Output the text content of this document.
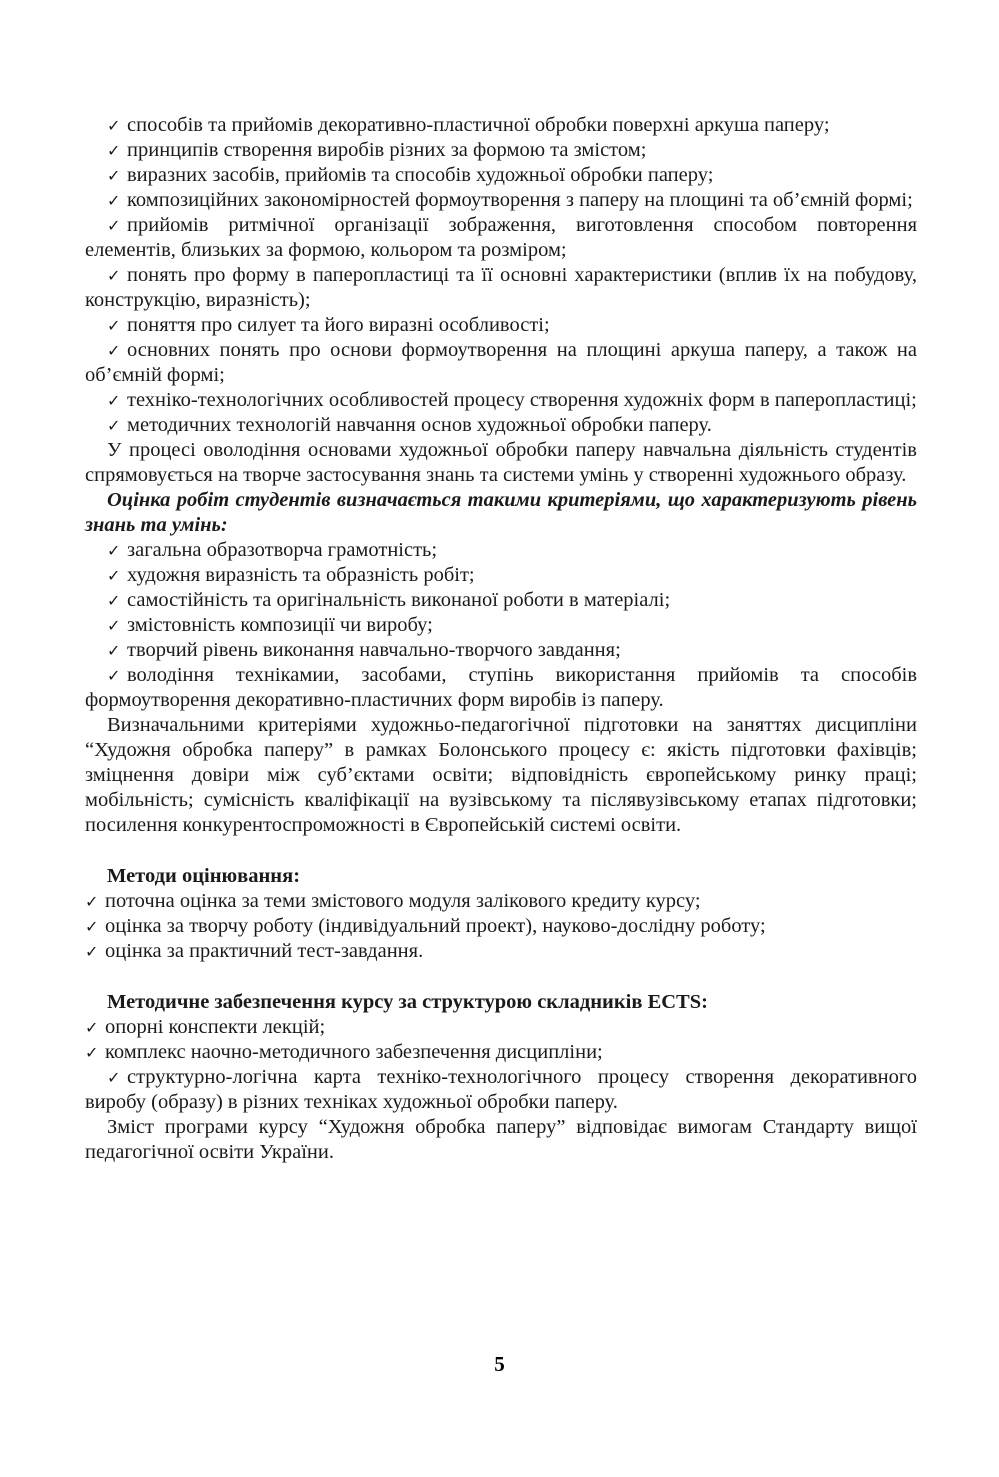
✓ способів та прийомів декоративно-пластичної обробки поверхні аркуша паперу;

✓ принципів створення виробів різних за формою та змістом;

✓ виразних засобів, прийомів та способів художньої обробки паперу;

✓ композиційних закономірностей формоутворення з паперу на площині та об’ємній формі;

✓ прийомів ритмічної організації зображення, виготовлення способом повторення елементів, близьких за формою, кольором та розміром;

✓ понять про форму в паперопластиці та її основні характеристики (вплив їх на побудову, конструкцію, виразність);

✓ поняття про силует та його виразні особливості;

✓ основних понять про основи формоутворення на площині аркуша паперу, а також на об’ємній формі;

✓ техніко-технологічних особливостей процесу створення художніх форм в паперопластиці;

✓ методичних технологій навчання основ художньої обробки паперу.

У процесі оволодіння основами художньої обробки паперу навчальна діяльність студентів спрямовується на творче застосування знань та системи умінь у створенні художнього образу.

Оцінка робіт студентів визначається такими критеріями, що характеризують рівень знань та умінь:

✓ загальна образотворча грамотність;

✓ художня виразність та образність робіт;

✓ самостійність та оригінальність виконаної роботи в матеріалі;

✓ змістовність композиції чи виробу;

✓ творчий рівень виконання навчально-творчого завдання;

✓ володіння технікамии, засобами, ступінь використання прийомів та способів формоутворення декоративно-пластичних форм виробів із паперу.

Визначальними критеріями художньо-педагогічної підготовки на заняттях дисципліни “Художня обробка паперу” в рамках Болонського процесу є: якість підготовки фахівців; зміцнення довіри між суб’єктами освіти; відповідність європейському ринку праці; мобільність; сумісність кваліфікації на вузівському та післявузівському етапах підготовки; посилення конкурентоспроможності в Європейській системі освіти.

Методи оцінювання:

✓ поточна оцінка за теми змістового модуля залікового кредиту курсу;

✓ оцінка за творчу роботу (індивідуальний проект), науково-дослідну роботу;

✓ оцінка за практичний тест-завдання.

Методичне забезпечення курсу за структурою складників ECTS:

✓ опорні конспекти лекцій;

✓ комплекс наочно-методичного забезпечення дисципліни;

✓ структурно-логічна карта техніко-технологічного процесу створення декоративного виробу (образу) в різних техніках художньої обробки паперу.

Зміст програми курсу “Художня обробка паперу” відповідає вимогам Стандарту вищої педагогічної освіти України.

5
